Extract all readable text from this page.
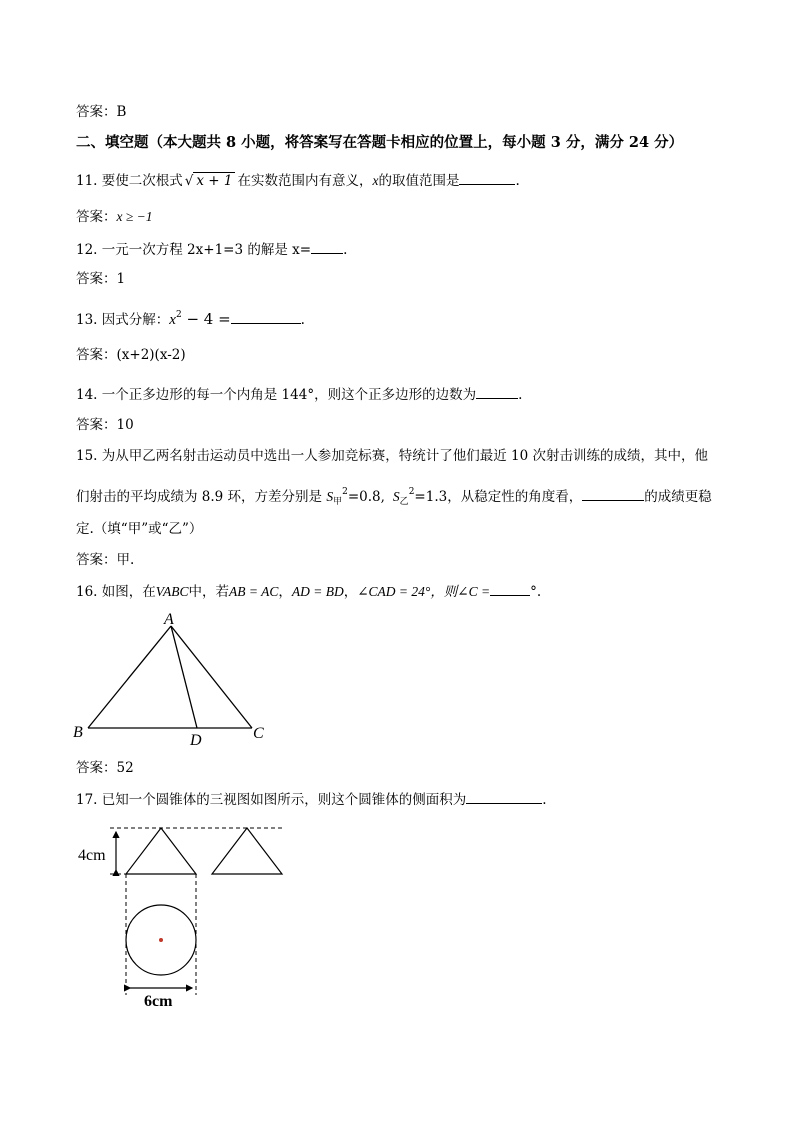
答案：B
二、填空题（本大题共 8 小题，将答案写在答题卡相应的位置上，每小题 3 分，满分 24 分）
11. 要使二次根式 √ x + 1 在实数范围内有意义，x的取值范围是	.
答案：x ≥ −1
12. 一元一次方程 2x+1=3 的解是 x= .
答案：1
13. 因式分解：$x^2 - 4$ =	.
答案：(x+2)(x-2)
14. 一个正多边形的每一个内角是 144°，则这个正多边形的边数为	.
答案：10
15. 为从甲乙两名射击运动员中选出一人参加竞标赛，特统计了他们最近 10 次射击训练的成绩，其中，他
们射击的平均成绩为 8.9 环，方差分别是 $S_甲^2=0.8$, $S_乙^2=1.3$，从稳定性的角度看，	的成绩更稳
定.（填“甲”或“乙”）
答案：甲.
16. 如图，在VABC中，若AB = AC，AD = BD，∠CAD = 24°，则∠C =	°.
A
B	C
D
答案：52
17. 已知一个圆锥体的三视图如图所示，则这个圆锥体的侧面积为	.
4cm
6cm
